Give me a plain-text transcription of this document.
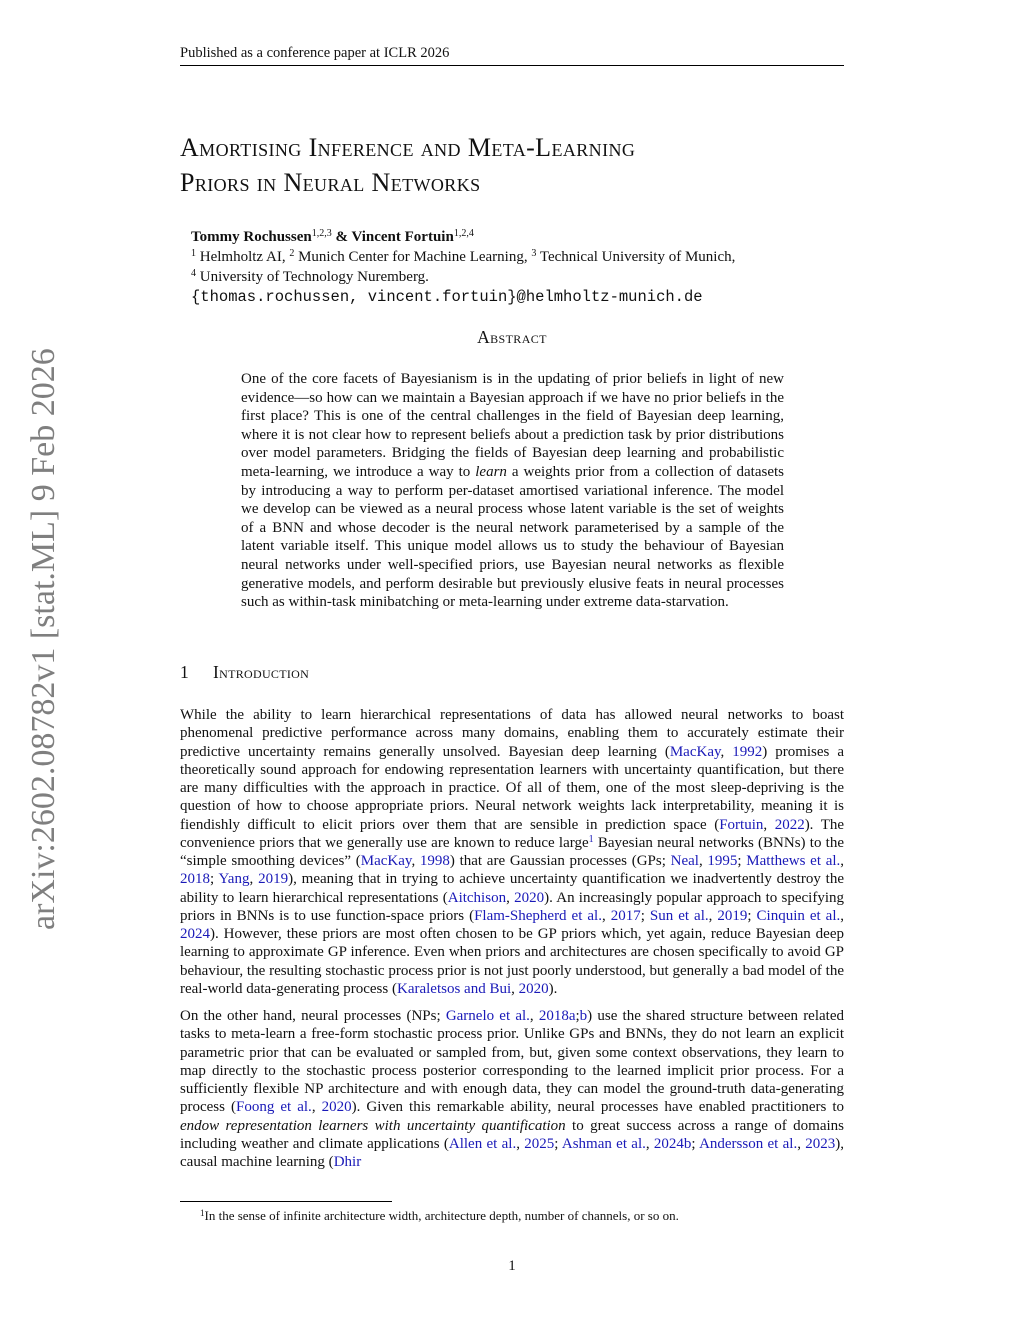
Published as a conference paper at ICLR 2026
arXiv:2602.08782v1 [stat.ML] 9 Feb 2026
Amortising Inference and Meta-Learning
Priors in Neural Networks
Tommy Rochussen$^{1,2,3}$ & Vincent Fortuin$^{1,2,4}$
$^1$ Helmholtz AI, $^2$ Munich Center for Machine Learning, $^3$ Technical University of Munich,
$^4$ University of Technology Nuremberg.
{thomas.rochussen, vincent.fortuin}@helmholtz-munich.de
Abstract

One of the core facets of Bayesianism is in the updating of prior beliefs in light of new evidence—so how can we maintain a Bayesian approach if we have no prior beliefs in the first place? This is one of the central challenges in the field of Bayesian deep learning, where it is not clear how to represent beliefs about a prediction task by prior distributions over model parameters. Bridging the fields of Bayesian deep learning and probabilistic meta-learning, we introduce a way to learn a weights prior from a collection of datasets by introducing a way to perform per-dataset amortised variational inference. The model we develop can be viewed as a neural process whose latent variable is the set of weights of a BNN and whose decoder is the neural network parameterised by a sample of the latent variable itself. This unique model allows us to study the behaviour of Bayesian neural networks under well-specified priors, use Bayesian neural networks as flexible generative models, and perform desirable but previously elusive feats in neural processes such as within-task minibatching or meta-learning under extreme data-starvation.

1 Introduction

While the ability to learn hierarchical representations of data has allowed neural networks to boast phenomenal predictive performance across many domains, enabling them to accurately estimate their predictive uncertainty remains generally unsolved. Bayesian deep learning (MacKay, 1992) promises a theoretically sound approach for endowing representation learners with uncertainty quantification, but there are many difficulties with the approach in practice. Of all of them, one of the most sleep-depriving is the question of how to choose appropriate priors. Neural network weights lack interpretability, meaning it is fiendishly difficult to elicit priors over them that are sensible in prediction space (Fortuin, 2022). The convenience priors that we generally use are known to reduce large$^1$ Bayesian neural networks (BNNs) to the “simple smoothing devices” (MacKay, 1998) that are Gaussian processes (GPs; Neal, 1995; Matthews et al., 2018; Yang, 2019), meaning that in trying to achieve uncertainty quantification we inadvertently destroy the ability to learn hierarchical representations (Aitchison, 2020). An increasingly popular approach to specifying priors in BNNs is to use function-space priors (Flam-Shepherd et al., 2017; Sun et al., 2019; Cinquin et al., 2024). However, these priors are most often chosen to be GP priors which, yet again, reduce Bayesian deep learning to approximate GP inference. Even when priors and architectures are chosen specifically to avoid GP behaviour, the resulting stochastic process prior is not just poorly understood, but generally a bad model of the real-world data-generating process (Karaletsos and Bui, 2020).

On the other hand, neural processes (NPs; Garnelo et al., 2018a;b) use the shared structure between related tasks to meta-learn a free-form stochastic process prior. Unlike GPs and BNNs, they do not learn an explicit parametric prior that can be evaluated or sampled from, but, given some context observations, they learn to map directly to the stochastic process posterior corresponding to the learned implicit prior process. For a sufficiently flexible NP architecture and with enough data, they can model the ground-truth data-generating process (Foong et al., 2020). Given this remarkable ability, neural processes have enabled practitioners to endow representation learners with uncertainty quantification to great success across a range of domains including weather and climate applications (Allen et al., 2025; Ashman et al., 2024b; Andersson et al., 2023), causal machine learning (Dhir

$^1$In the sense of infinite architecture width, architecture depth, number of channels, or so on.
1
